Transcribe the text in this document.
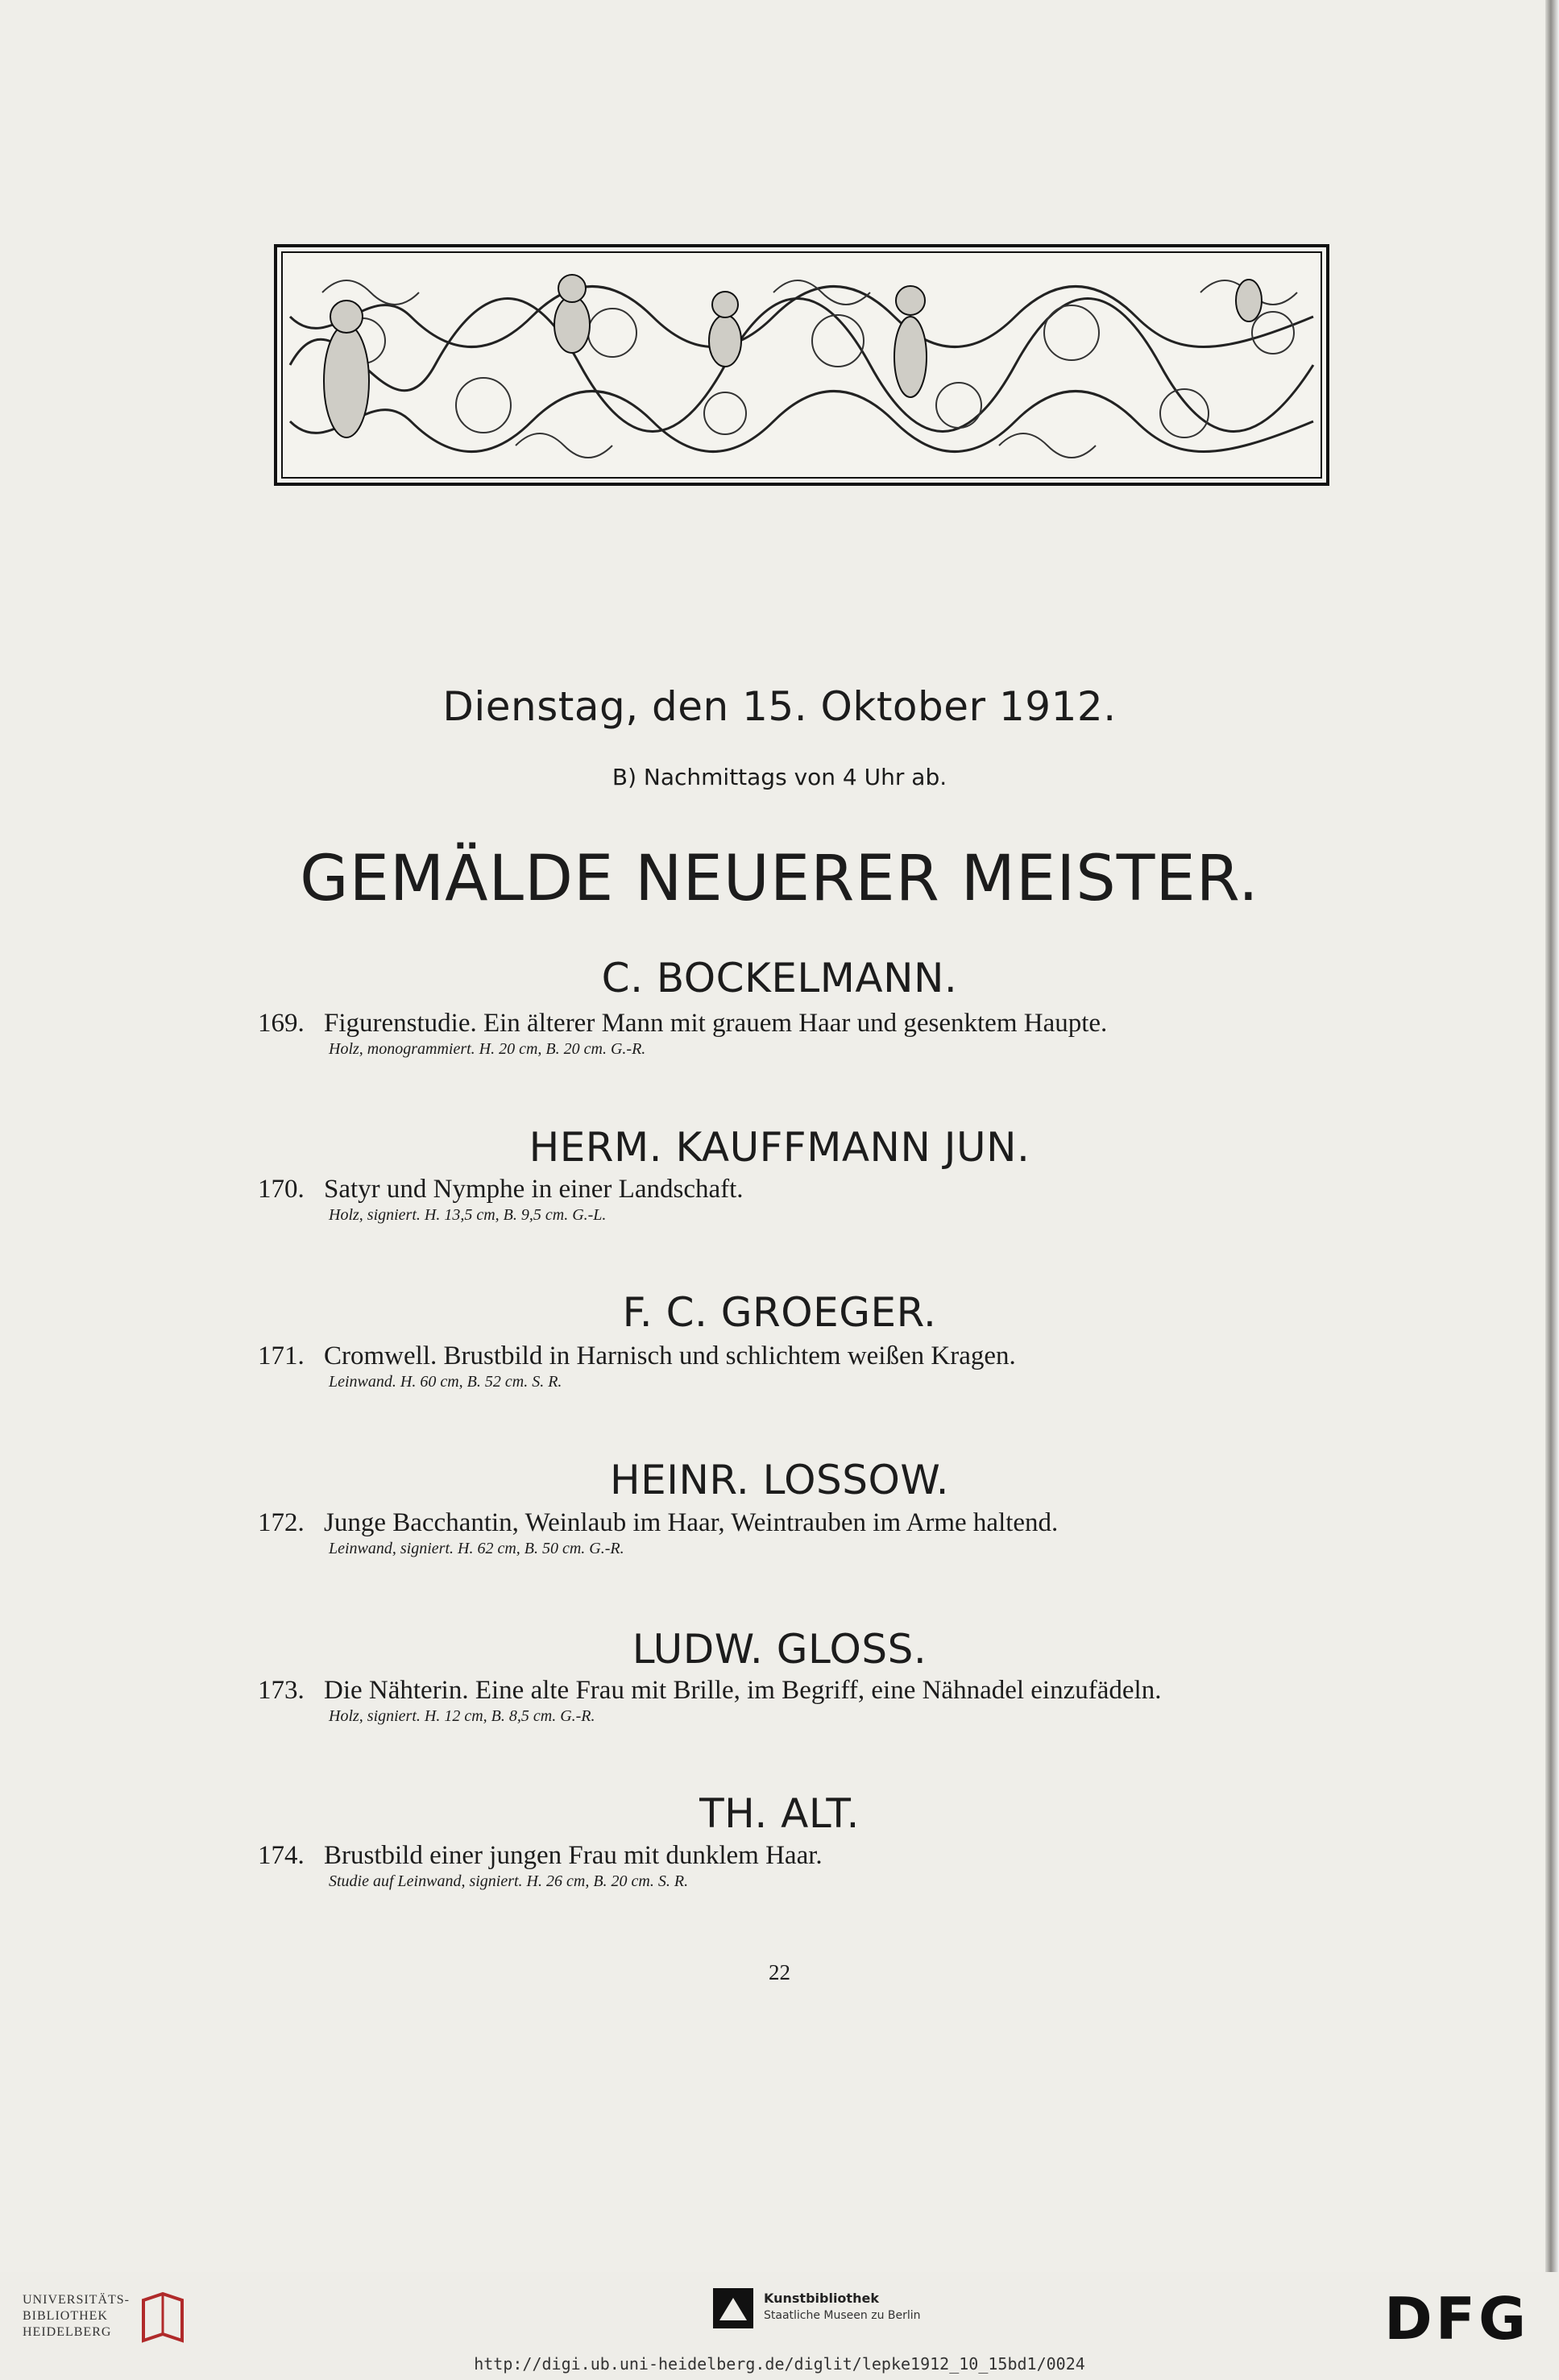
Dienstag, den 15. Oktober 1912.
B) Nachmittags von 4 Uhr ab.
GEMÄLDE NEUERER MEISTER.
C. BOCKELMANN.
169. Figurenstudie. Ein älterer Mann mit grauem Haar und gesenktem Haupte.
Holz, monogrammiert. H. 20 cm, B. 20 cm. G.-R.
HERM. KAUFFMANN JUN.
170. Satyr und Nymphe in einer Landschaft.
Holz, signiert. H. 13,5 cm, B. 9,5 cm. G.-L.
F. C. GROEGER.
171. Cromwell. Brustbild in Harnisch und schlichtem weißen Kragen.
Leinwand. H. 60 cm, B. 52 cm. S. R.
HEINR. LOSSOW.
172. Junge Bacchantin, Weinlaub im Haar, Weintrauben im Arme haltend.
Leinwand, signiert. H. 62 cm, B. 50 cm. G.-R.
LUDW. GLOSS.
173. Die Nähterin. Eine alte Frau mit Brille, im Begriff, eine Nähnadel einzufädeln.
Holz, signiert. H. 12 cm, B. 8,5 cm. G.-R.
TH. ALT.
174. Brustbild einer jungen Frau mit dunklem Haar.
Studie auf Leinwand, signiert. H. 26 cm, B. 20 cm. S. R.
22
UNIVERSITÄTS-
BIBLIOTHEK
HEIDELBERG
Kunstbibliothek
Staatliche Museen zu Berlin	DFG
http://digi.ub.uni-heidelberg.de/diglit/lepke1912_10_15bd1/0024
